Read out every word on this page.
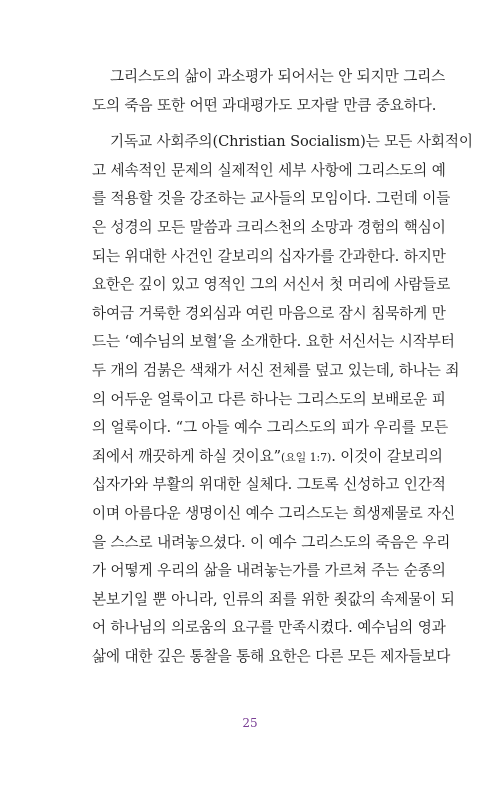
그리스도의 삶이 과소평가 되어서는 안 되지만 그리스
도의 죽음 또한 어떤 과대평가도 모자랄 만큼 중요하다.
기독교 사회주의(Christian Socialism)는 모든 사회적이
고 세속적인 문제의 실제적인 세부 사항에 그리스도의 예
를 적용할 것을 강조하는 교사들의 모임이다. 그런데 이들
은 성경의 모든 말씀과 크리스천의 소망과 경험의 핵심이
되는 위대한 사건인 갈보리의 십자가를 간과한다. 하지만
요한은 깊이 있고 영적인 그의 서신서 첫 머리에 사람들로
하여금 거룩한 경외심과 여린 마음으로 잠시 침묵하게 만
드는 ‘예수님의 보혈’을 소개한다. 요한 서신서는 시작부터
두 개의 검붉은 색채가 서신 전체를 덮고 있는데, 하나는 죄
의 어두운 얼룩이고 다른 하나는 그리스도의 보배로운 피
의 얼룩이다. “그 아들 예수 그리스도의 피가 우리를 모든
죄에서 깨끗하게 하실 것이요”(요일 1:7). 이것이 갈보리의
십자가와 부활의 위대한 실체다. 그토록 신성하고 인간적
이며 아름다운 생명이신 예수 그리스도는 희생제물로 자신
을 스스로 내려놓으셨다. 이 예수 그리스도의 죽음은 우리
가 어떻게 우리의 삶을 내려놓는가를 가르쳐 주는 순종의
본보기일 뿐 아니라, 인류의 죄를 위한 죗값의 속제물이 되
어 하나님의 의로움의 요구를 만족시켰다. 예수님의 영과
삶에 대한 깊은 통찰을 통해 요한은 다른 모든 제자들보다
25
